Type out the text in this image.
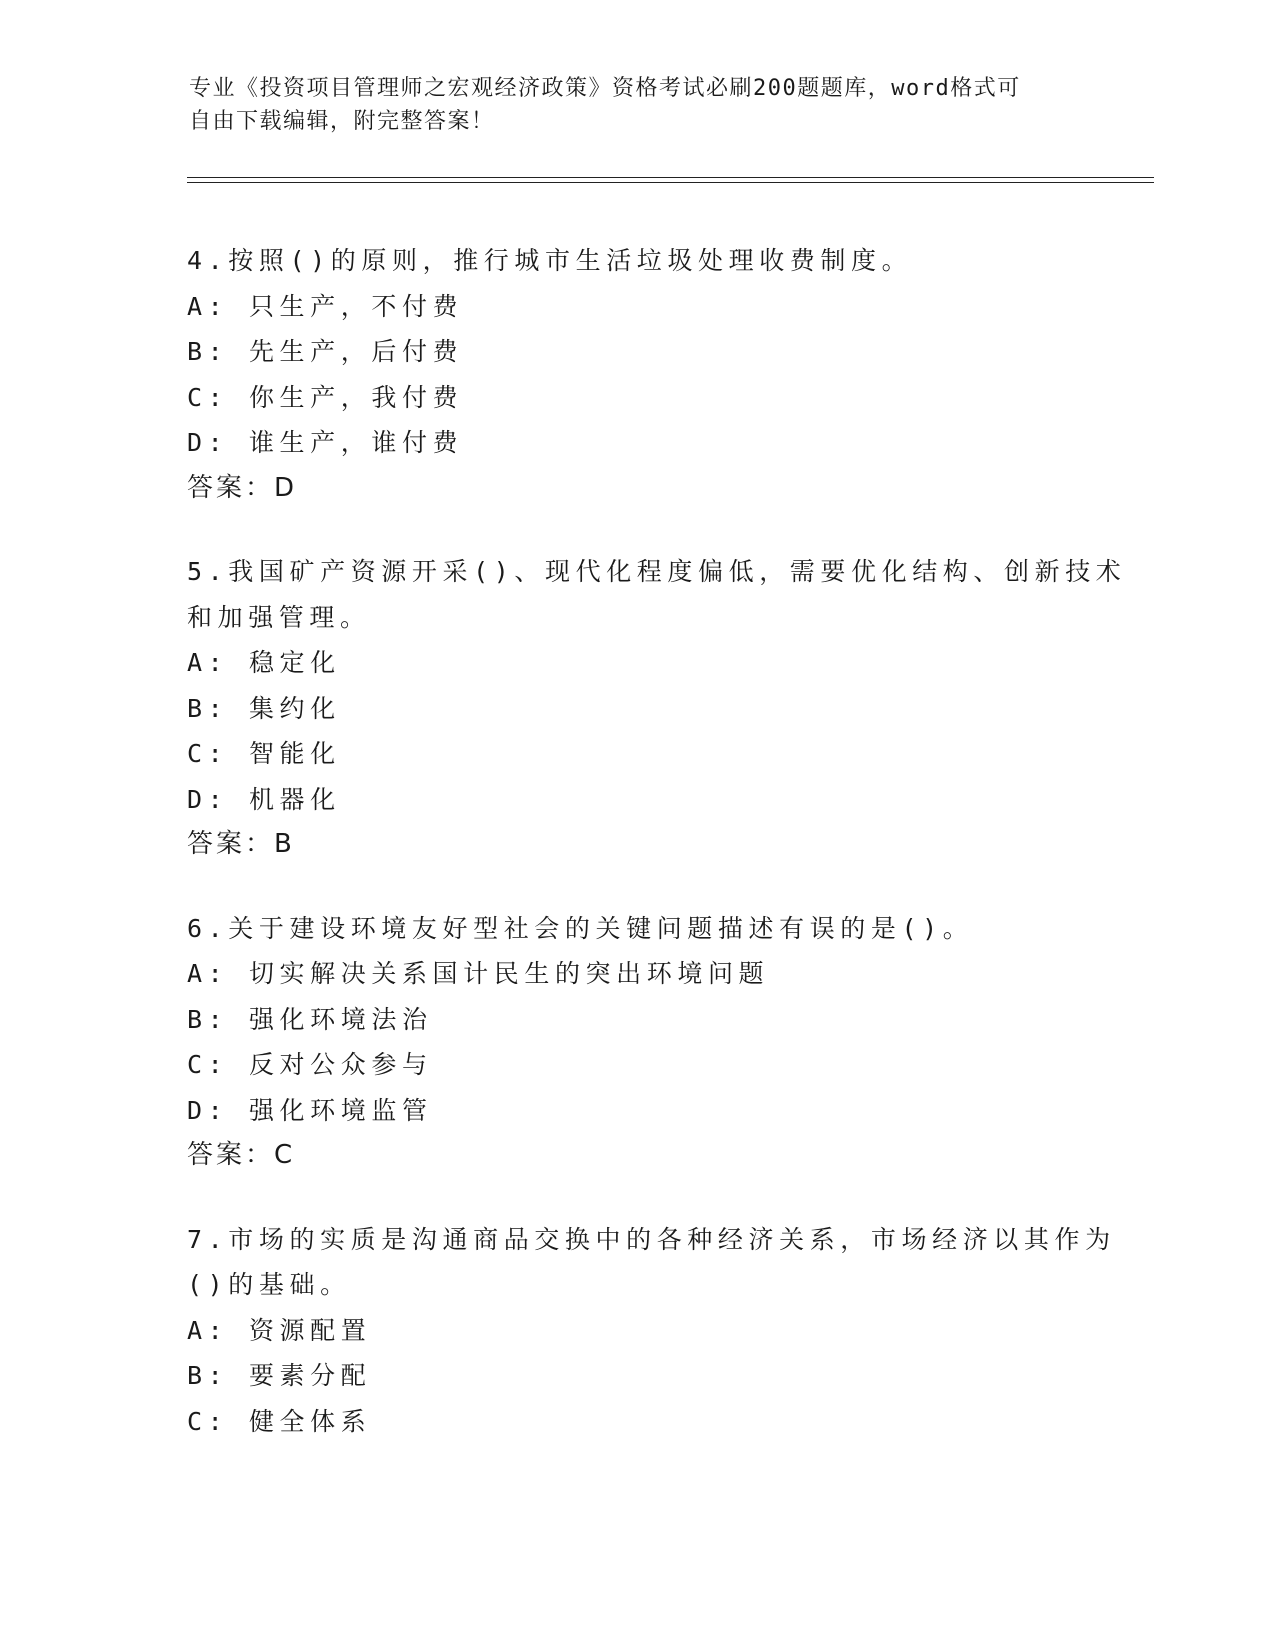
专业《投资项目管理师之宏观经济政策》资格考试必刷200题题库，word格式可
自由下载编辑，附完整答案！
4.按照()的原则，推行城市生活垃圾处理收费制度。
A: 只生产，不付费
B: 先生产，后付费
C: 你生产，我付费
D: 谁生产，谁付费
答案：D
5.我国矿产资源开采()、现代化程度偏低，需要优化结构、创新技术
和加强管理。
A: 稳定化
B: 集约化
C: 智能化
D: 机器化
答案：B
6.关于建设环境友好型社会的关键问题描述有误的是()。
A: 切实解决关系国计民生的突出环境问题
B: 强化环境法治
C: 反对公众参与
D: 强化环境监管
答案：C
7.市场的实质是沟通商品交换中的各种经济关系，市场经济以其作为
()的基础。
A: 资源配置
B: 要素分配
C: 健全体系
